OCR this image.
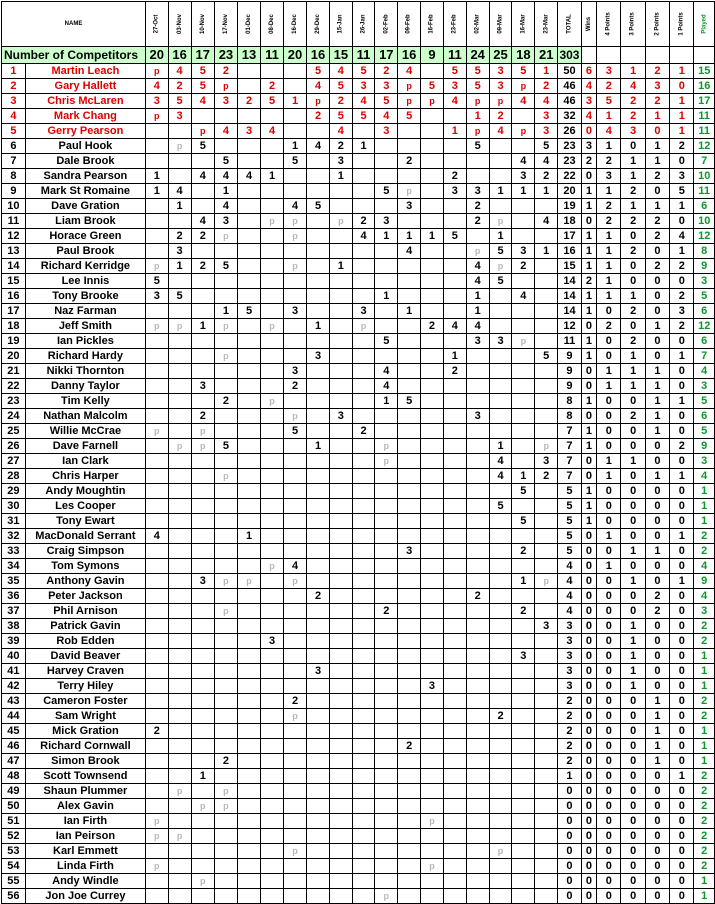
NAME		27-Oct	03-Nov	10-Nov	17-Nov	01-Dec	08-Dec	16-Dec	29-Dec	15-Jan	26-Jan	02-Feb	09-Feb	16-Feb	23-Feb	02-Mar	09-Mar	16-Mar	23-Mar	TOTAL	Wins	4 Points	3 Points	2 Points	1 Points	Played
Number of Competitors		20	16	17	23	13	11	20	16	15	11	17	16	9	11	24	25	18	21	303						
1	Martin Leach	p	4	5	2				5	4	5	2	4		5	5	3	5	1	50	6	3	1	2	1	15
2	Gary Hallett	4	2	5	p		2		4	5	3	3	p	5	3	5	3	p	2	46	4	2	4	3	0	16
3	Chris McLaren	3	5	4	3	2	5	1	p	2	4	5	p	p	4	p	p	4	4	46	3	5	2	2	1	17
4	Mark Chang	p	3						2	5	5	4	5			1	2		3	32	4	1	2	1	1	11
5	Gerry Pearson			p	4	3	4			4		3			1	p	4	p	3	26	0	4	3	0	1	11
6	Paul Hook		p	5				1	4	2	1					5			5	23	3	1	0	1	2	12
7	Dale Brook				5			5		3			2					4	4	23	2	2	1	1	0	7
8	Sandra Pearson	1		4	4	4	1			1					2			3	2	22	0	3	1	2	3	10
9	Mark St Romaine	1	4		1							5	p		3	3	1	1	1	20	1	1	2	0	5	11
10	Dave Gration		1		4			4	5				3			2				19	1	2	1	1	1	6
11	Liam Brook			4	3		p	p		p	2	3				2	p		4	18	0	2	2	2	0	10
12	Horace Green		2	2	p			p			4	1	1	1	5		1			17	1	1	0	2	4	12
13	Paul Brook		3										4			p	5	3	1	16	1	1	2	0	1	8
14	Richard Kerridge	p	1	2	5			p		1						4	p	2		15	1	1	0	2	2	9
15	Lee Innis	5														4	5			14	2	1	0	0	0	3
16	Tony Brooke	3	5									1				1		4		14	1	1	1	0	2	5
17	Naz Farman				1	5		3			3		1			1				14	1	0	2	0	3	6
18	Jeff Smith	p	p	1	p		p		1		p			2	4	4				12	0	2	0	1	2	12
19	Ian Pickles											5				3	3	p		11	1	0	2	0	0	6
20	Richard Hardy				p				3						1				5	9	1	0	1	0	1	7
21	Nikki Thornton							3				4			2					9	0	1	1	1	0	4
22	Danny Taylor			3				2				4								9	0	1	1	1	0	3
23	Tim Kelly				2		p					1	5							8	1	0	0	1	1	5
24	Nathan Malcolm			2				p		3						3				8	0	0	2	1	0	6
25	Willie McCrae	p		p				5			2									7	1	0	0	1	0	5
26	Dave Farnell		p	p	5				1			p					1		p	7	1	0	0	0	2	9
27	Ian Clark											p					4		3	7	0	1	1	0	0	3
28	Chris Harper				p												4	1	2	7	0	1	0	1	1	4
29	Andy Moughtin																	5		5	1	0	0	0	0	1
30	Les Cooper																5			5	1	0	0	0	0	1
31	Tony Ewart																	5		5	1	0	0	0	0	1
32	MacDonald Serrant	4				1														5	0	1	0	0	1	2
33	Craig Simpson												3					2		5	0	0	1	1	0	2
34	Tom Symons						p	4												4	0	1	0	0	0	4
35	Anthony Gavin			3	p	p		p										1	p	4	0	0	1	0	1	9
36	Peter Jackson								2							2				4	0	0	0	2	0	4
37	Phil Arnison				p							2						2		4	0	0	0	2	0	3
38	Patrick Gavin																		3	3	0	0	1	0	0	2
39	Rob Edden						3													3	0	0	1	0	0	2
40	David Beaver																	3		3	0	0	1	0	0	1
41	Harvey Craven								3											3	0	0	1	0	0	1
42	Terry Hiley													3						3	0	0	1	0	0	1
43	Cameron Foster							2												2	0	0	0	1	0	2
44	Sam Wright							p									2			2	0	0	0	1	0	2
45	Mick Gration	2																		2	0	0	0	1	0	1
46	Richard Cornwall												2							2	0	0	0	1	0	1
47	Simon Brook				2															2	0	0	0	1	0	1
48	Scott Townsend			1																1	0	0	0	0	1	2
49	Shaun Plummer		p		p															0	0	0	0	0	0	2
50	Alex Gavin			p	p															0	0	0	0	0	0	2
51	Ian Firth	p												p						0	0	0	0	0	0	2
52	Ian Peirson	p	p																	0	0	0	0	0	0	2
53	Karl Emmett							p									p			0	0	0	0	0	0	2
54	Linda Firth	p												p						0	0	0	0	0	0	2
55	Andy Windle			p																0	0	0	0	0	0	1
56	Jon Joe Currey											p								0	0	0	0	0	0	1
